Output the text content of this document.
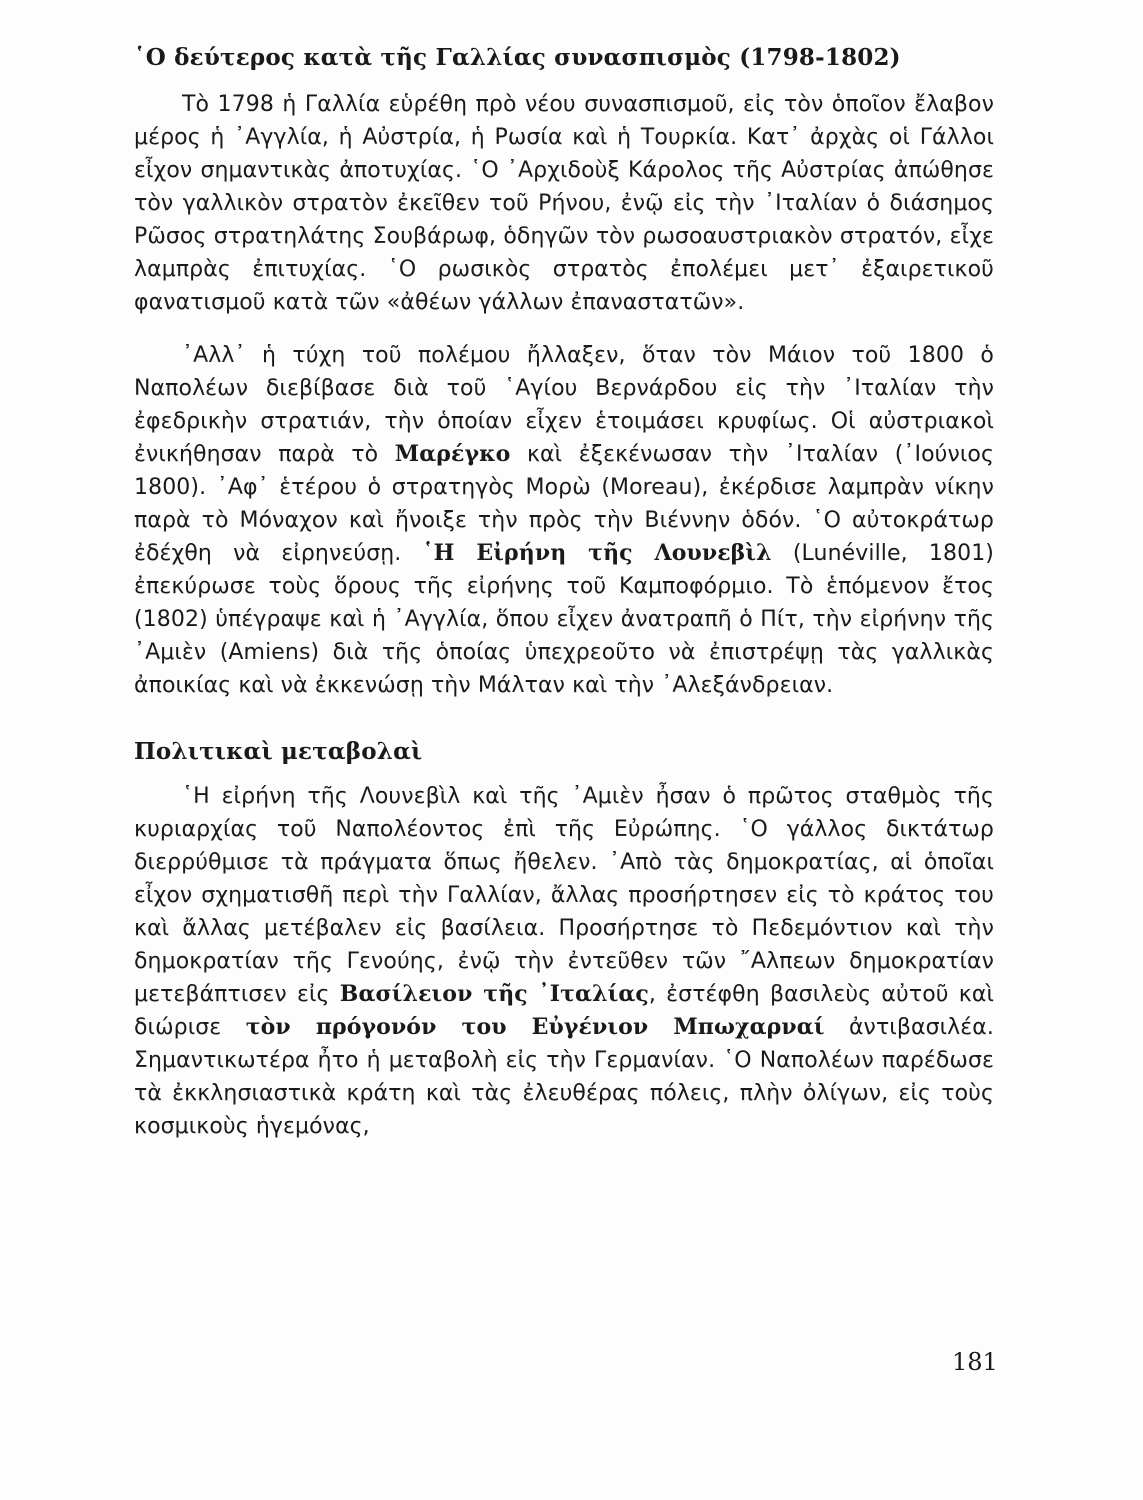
῾Ο δεύτερος κατὰ τῆς Γαλλίας συνασπισμὸς (1798-1802)

Τὸ 1798 ἡ Γαλλία εὑρέθη πρὸ νέου συνασπισμοῦ, εἰς τὸν ὁποῖον ἔλαβον μέρος ἡ ᾿Αγγλία, ἡ Αὐστρία, ἡ Ρωσία καὶ ἡ Τουρκία. Κατ᾿ ἀρχὰς οἱ Γάλλοι εἶχον σημαντικὰς ἀποτυχίας. ῾Ο ᾿Αρχιδοὺξ Κάρολος τῆς Αὐστρίας ἀπώθησε τὸν γαλλικὸν στρατὸν ἐκεῖθεν τοῦ Ρήνου, ἐνῷ εἰς τὴν ᾿Ιταλίαν ὁ διάσημος Ρῶσος στρατηλάτης Σουβάρωφ, ὁδηγῶν τὸν ρωσοαυστριακὸν στρατόν, εἶχε λαμπρὰς ἐπιτυχίας. ῾Ο ρωσικὸς στρατὸς ἐπολέμει μετ᾿ ἐξαιρετικοῦ φανατισμοῦ κατὰ τῶν «ἀθέων γάλλων ἐπαναστατῶν».

᾿Αλλ᾿ ἡ τύχη τοῦ πολέμου ἤλλαξεν, ὅταν τὸν Μάιον τοῦ 1800 ὁ Ναπολέων διεβίβασε διὰ τοῦ ῾Αγίου Βερνάρδου εἰς τὴν ᾿Ιταλίαν τὴν ἐφεδρικὴν στρατιάν, τὴν ὁποίαν εἶχεν ἑτοιμάσει κρυφίως. Οἱ αὐστριακοὶ ἐνικήθησαν παρὰ τὸ Μαρέγκο καὶ ἐξεκένωσαν τὴν ᾿Ιταλίαν (᾿Ιούνιος 1800). ᾿Αφ᾿ ἑτέρου ὁ στρατηγὸς Μορὼ (Moreau), ἐκέρδισε λαμπρὰν νίκην παρὰ τὸ Μόναχον καὶ ἤνοιξε τὴν πρὸς τὴν Βιέννην ὁδόν. ῾Ο αὐτοκράτωρ ἐδέχθη νὰ εἰρηνεύσῃ. ῾Η Εἰρήνη τῆς Λουνεβὶλ (Lunéville, 1801) ἐπεκύρωσε τοὺς ὅρους τῆς εἰρήνης τοῦ Καμποφόρμιο. Τὸ ἑπόμενον ἔτος (1802) ὑπέγραψε καὶ ἡ ᾿Αγγλία, ὅπου εἶχεν ἀνατραπῆ ὁ Πίτ, τὴν εἰρήνην τῆς ᾿Αμιὲν (Amiens) διὰ τῆς ὁποίας ὑπεχρεοῦτο νὰ ἐπιστρέψῃ τὰς γαλλικὰς ἀποικίας καὶ νὰ ἐκκενώσῃ τὴν Μάλταν καὶ τὴν ᾿Αλεξάνδρειαν.

Πολιτικαὶ μεταβολαὶ

῾Η εἰρήνη τῆς Λουνεβὶλ καὶ τῆς ᾿Αμιὲν ἦσαν ὁ πρῶτος σταθμὸς τῆς κυριαρχίας τοῦ Ναπολέοντος ἐπὶ τῆς Εὐρώπης. ῾Ο γάλλος δικτάτωρ διερρύθμισε τὰ πράγματα ὅπως ἤθελεν. ᾿Απὸ τὰς δημοκρατίας, αἱ ὁποῖαι εἶχον σχηματισθῆ περὶ τὴν Γαλλίαν, ἄλλας προσήρτησεν εἰς τὸ κράτος του καὶ ἄλλας μετέβαλεν εἰς βασίλεια. Προσήρτησε τὸ Πεδεμόντιον καὶ τὴν δημοκρατίαν τῆς Γενούης, ἐνῷ τὴν ἐντεῦθεν τῶν ῎Αλπεων δημοκρατίαν μετεβάπτισεν εἰς Βασίλειον τῆς ᾿Ιταλίας, ἐστέφθη βασιλεὺς αὐτοῦ καὶ διώρισε τὸν πρόγονόν του Εὐγένιον Μπωχαρναί ἀντιβασιλέα. Σημαντικωτέρα ἦτο ἡ μεταβολὴ εἰς τὴν Γερμανίαν. ῾Ο Ναπολέων παρέδωσε τὰ ἐκκλησιαστικὰ κράτη καὶ τὰς ἐλευθέρας πόλεις, πλὴν ὀλίγων, εἰς τοὺς κοσμικοὺς ἡγεμόνας,

181
